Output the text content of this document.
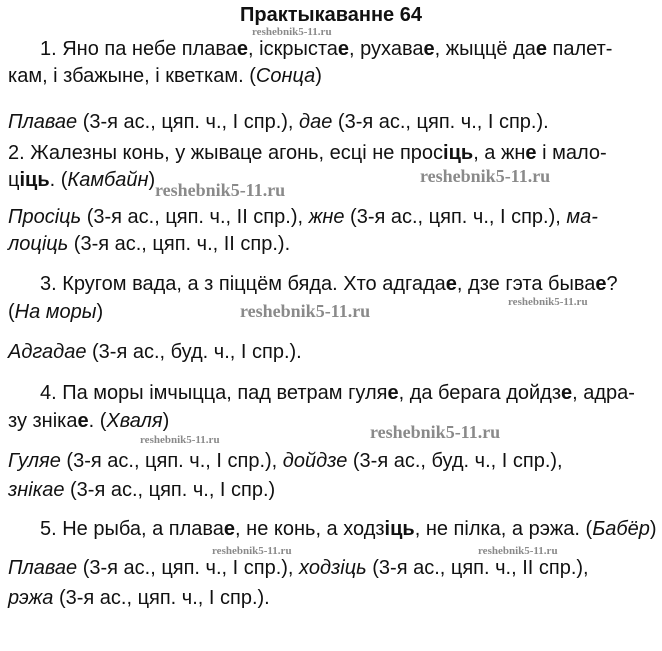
Практыкаванне 64
reshebnik5-11.ru
reshebnik5-11.ru
reshebnik5-11.ru
reshebnik5-11.ru
reshebnik5-11.ru
reshebnik5-11.ru
reshebnik5-11.ru
reshebnik5-11.ru	reshebnik5-11.ru
1. Яно па небе плавае, іскрыстае, рухавае, жыццё дае палет-
кам, і збажыне, і кветкам. (Сонца)
Плавае (3-я ас., цяп. ч., I спр.), дае (3-я ас., цяп. ч., I спр.).
2. Жалезны конь, у жываце агонь, есці не просіць, а жне і мало-
ціць. (Камбайн)
Просіць (3-я ас., цяп. ч., II спр.), жне (3-я ас., цяп. ч., I спр.), ма-
лоціць (3-я ас., цяп. ч., II спр.).
3. Кругом вада, а з піццём бяда. Хто адгадае, дзе гэта бывае?
(На моры)
Адгадае (3-я ас., буд. ч., I спр.).
4. Па моры імчыцца, пад ветрам гуляе, да берага дойдзе, адра-
зу знікае. (Хваля)
Гуляе (3-я ас., цяп. ч., I спр.), дойдзе (3-я ас., буд. ч., I спр.),
знікае (3-я ас., цяп. ч., I спр.)
5. Не рыба, а плавае, не конь, а ходзіць, не пілка, а рэжа. (Бабёр)
Плавае (3-я ас., цяп. ч., I спр.), ходзіць (3-я ас., цяп. ч., II спр.),
рэжа (3-я ас., цяп. ч., I спр.).
